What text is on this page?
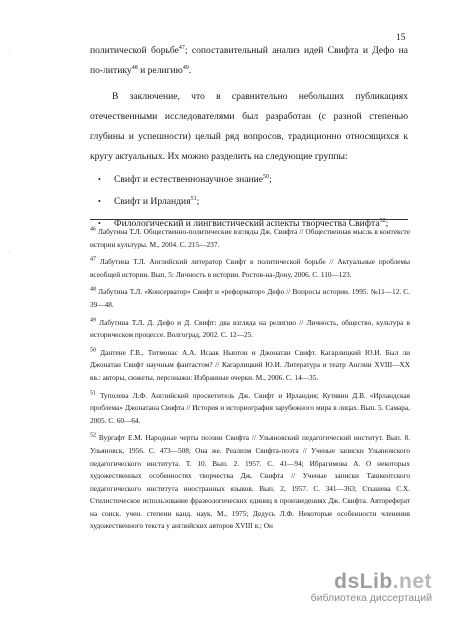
15
·
·

политической борьбе$^{47}$; сопоставительный анализ идей Свифта и Дефо на по-литику$^{48}$ и религию$^{49}$.

В заключение, что в сравнительно небольших публикациях отечественными исследователями был разработан (с разной степенью глубины и успешности) целый ряд вопросов, традиционно относящихся к кругу актуальных. Их можно разделить на следующие группы:

• Свифт и естественнонаучное знание$^{50}$;
• Свифт и Ирландия$^{51}$;
• Филологический и лингвистический аспекты творчества Свифта$^{52}$;

$^{46}$ Лабутина Т.Л. Общественно-политические взгляды Дж. Свифта // Общественная мысль в контексте истории культуры. М., 2004. С. 215—237.

$^{47}$ Лабутина Т.Л. Английский литератор Свифт в политической борьбе // Актуальные проблемы всеобщей истории. Вып. 5: Личность в истории. Ростов-на-Дону, 2006. С. 110—123.

$^{48}$ Лабутина Т.Л. «Консерватор» Свифт и «реформатор» Дефо // Вопросы истории. 1995. №11—12. С. 39—48.

$^{49}$ Лабутина Т.Л. Д. Дефо и Д. Свифт: два взгляда на религию // Личность, общество, культура в историческом процессе. Волгоград, 2002. С. 12—25.

$^{50}$ Дантене Г.В., Титмонас А.А. Исаак Ньютон и Джонатан Свифт. Кагарлицкий Ю.И. Был ли Джонатан Свифт научным фантастом? // Кагарлицкий Ю.И. Литература и театр Англии XVIII—XX вв.: авторы, сюжеты, персонажи: Избранные очерки. М., 2006. С. 14—35.

$^{51}$ Туполева Л.Ф. Английский просветитель Дж. Свифт и Ирландия; Кутявин Д.В. «Ирландская проблема» Джонатана Свифта // История и историография зарубежного мира в лицах. Вып. 5. Самара, 2005. С. 60—64.

$^{52}$ Вургафт Е.М. Народные черты поэзии Свифта // Ульяновский педагогический институт. Вып. 8. Ульяновск, 1956. С. 473—508; Она же. Реализм Свифта-поэта // Ученые записки Ульяновского педагогического института. Т. 10. Вып. 2. 1957. С. 41—94; Ибрагимова А. О некоторых художественных особенностях творчества Дж. Свифта // Ученые записки Ташкентского педагогического института иностранных языков. Вып. 2, 1957. С. 341—363; Стышева С.Х. Стилистическое использование фразеологических единиц в произведениях Дж. Свифта. Автореферат на соиск. учен. степени канд. наук. М., 1975; Дедусь Л.Ф. Некоторые особенности членения художественного текста у английских авторов XVIII в.; Он

dsLib.net
библиотека диссертаций
